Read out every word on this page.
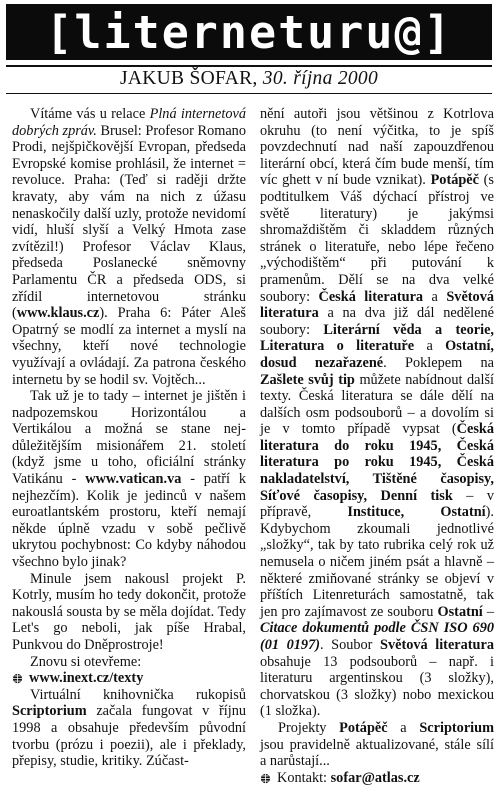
[literneturu@]
JAKUB ŠOFAR, 30. října 2000

Vítáme vás u relace Plná internetová dobrých zpráv. Brusel: Profesor Romano Prodi, nejšpičkovější Evropan, předseda Evropské komise prohlásil, že internet = revoluce. Praha: (Teď si raději držte kravaty, aby vám na nich z úžasu nenaskočily další uzly, protože nevidomí vidí, hluší slyší a Velký Hmota zase zvítězil!) Profesor Václav Klaus, předseda Poslanecké sněmovny Parlamentu ČR a předseda ODS, si zřídil internetovou stránku (www.klaus.cz). Praha 6: Páter Aleš Opatrný se modlí za internet a myslí na všechny, kteří nové technologie využívají a ovládají. Za patrona českého internetu by se hodil sv. Vojtěch...

Tak už je to tady – internet je jištěn i nadpozemskou Horizontálou a Vertikálou a možná se stane nejdůležitějším misionářem 21. století (když jsme u toho, oficiální stránky Vatikánu - www.vatican.va - patří k nejhezčím). Kolik je jedinců v našem euroatlantském prostoru, kteří nemají někde úplně vzadu v sobě pečlivě ukrytou pochybnost: Co kdyby náhodou všechno bylo jinak?

Minule jsem nakousl projekt P. Kotrly, musím ho tedy dokončit, protože nakouslá sousta by se měla dojídat. Tedy Let's go neboli, jak píše Hrabal, Punkvou do Dněprostroje!

Znovu si otevřeme:

www.inext.cz/texty

Virtuální knihovnička rukopisů Scriptorium začala fungovat v říjnu 1998 a obsahuje především původní tvorbu (prózu i poezii), ale i překlady, přepisy, studie, kritiky. Zúčast-

nění autoři jsou většinou z Kotrlova okruhu (to není výčitka, to je spíš povzdechnutí nad naší zapouzdřenou literární obcí, která čím bude menší, tím víc ghett v ní bude vznikat). Potápěč (s podtitulkem Váš dýchací přístroj ve světě literatury) je jakýmsi shromaždištěm či skladdem různých stránek o literatuře, nebo lépe řečeno „východištěm“ při putování k pramenům. Dělí se na dva velké soubory: Česká literatura a Světová literatura a na dva již dál nedělené soubory: Literární věda a teorie, Literatura o literatuře a Ostatní, dosud nezařazené. Poklepem na Zašlete svůj tip můžete nabídnout další texty. Česká literatura se dále dělí na dalších osm podsouborů – a dovolím si je v tomto případě vypsat (Česká literatura do roku 1945, Česká literatura po roku 1945, Česká nakladatelství, Tištěné časopisy, Síťové časopisy, Denní tisk – v přípravě, Instituce, Ostatní). Kdybychom zkoumali jednotlivé „složky“, tak by tato rubrika celý rok už nemusela o ničem jiném psát a hlavně – některé zmiňované stránky se objeví v příštích Litenreturách samostatně, tak jen pro zajímavost ze souboru Ostatní – Citace dokumentů podle ČSN ISO 690 (01 0197). Soubor Světová literatura obsahuje 13 podsouborů – např. i literaturu argentinskou (3 složky), chorvatskou (3 složky) nobo mexickou (1 složka).

Projekty Potápěč a Scriptorium jsou pravidelně aktualizované, stále sílí a narůstají...

Kontakt: sofar@atlas.cz
